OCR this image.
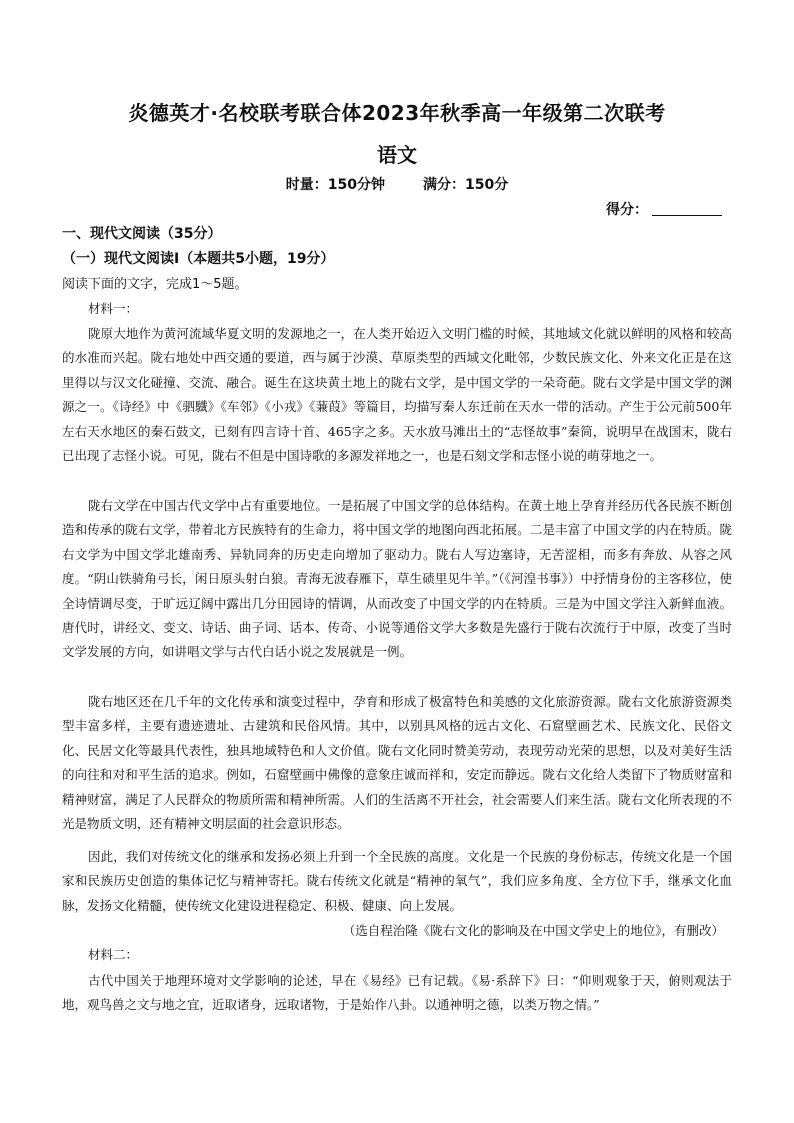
炎德英才·名校联考联合体2023年秋季高一年级第二次联考
语文
时量：150分钟	满分：150分
得分：
一、现代文阅读（35分）
（一）现代文阅读Ⅰ（本题共5小题，19分）
阅读下面的文字，完成1～5题。
材料一：

陇原大地作为黄河流域华夏文明的发源地之一，在人类开始迈入文明门槛的时候，其地域文化就以鲜明的风格和较高的水准而兴起。陇右地处中西交通的要道，西与属于沙漠、草原类型的西域文化毗邻，少数民族文化、外来文化正是在这里得以与汉文化碰撞、交流、融合。诞生在这块黄土地上的陇右文学，是中国文学的一朵奇葩。陇右文学是中国文学的渊源之一。《诗经》中《驷驖》《车邻》《小戎》《蒹葭》等篇目，均描写秦人东迁前在天水一带的活动。产生于公元前500年左右天水地区的秦石鼓文，已刻有四言诗十首、465字之多。天水放马滩出土的“志怪故事”秦简，说明早在战国末，陇右已出现了志怪小说。可见，陇右不但是中国诗歌的多源发祥地之一，也是石刻文学和志怪小说的萌芽地之一。

陇右文学在中国古代文学中占有重要地位。一是拓展了中国文学的总体结构。在黄土地上孕育并经历代各民族不断创造和传承的陇右文学，带着北方民族特有的生命力，将中国文学的地图向西北拓展。二是丰富了中国文学的内在特质。陇右文学为中国文学北雄南秀、异轨同奔的历史走向增加了驱动力。陇右人写边塞诗，无苦涩相，而多有奔放、从容之风度。“阴山铁骑角弓长，闲日原头射白狼。青海无波春雁下，草生碛里见牛羊。”（《河湟书事》）中抒情身份的主客移位，使全诗情调尽变，于旷远辽阔中露出几分田园诗的情调，从而改变了中国文学的内在特质。三是为中国文学注入新鲜血液。唐代时，讲经文、变文、诗话、曲子词、话本、传奇、小说等通俗文学大多数是先盛行于陇右次流行于中原，改变了当时文学发展的方向，如讲唱文学与古代白话小说之发展就是一例。

陇右地区还在几千年的文化传承和演变过程中，孕育和形成了极富特色和美感的文化旅游资源。陇右文化旅游资源类型丰富多样，主要有遗迹遗址、古建筑和民俗风情。其中，以别具风格的远古文化、石窟壁画艺术、民族文化、民俗文化、民居文化等最具代表性，独具地域特色和人文价值。陇右文化同时赞美劳动，表现劳动光荣的思想，以及对美好生活的向往和对和平生活的追求。例如，石窟壁画中佛像的意象庄诚而祥和，安定而静远。陇右文化给人类留下了物质财富和精神财富，满足了人民群众的物质所需和精神所需。人们的生活离不开社会，社会需要人们来生活。陇右文化所表现的不光是物质文明，还有精神文明层面的社会意识形态。

因此，我们对传统文化的继承和发扬必须上升到一个全民族的高度。文化是一个民族的身份标志，传统文化是一个国家和民族历史创造的集体记忆与精神寄托。陇右传统文化就是“精神的氧气”，我们应多角度、全方位下手，继承文化血脉，发扬文化精髓，使传统文化建设进程稳定、积极、健康、向上发展。

（选自程治隆《陇右文化的影响及在中国文学史上的地位》，有删改）
材料二：

古代中国关于地理环境对文学影响的论述，早在《易经》已有记载。《易·系辞下》曰：“仰则观象于天，俯则观法于地，观鸟兽之文与地之宜，近取诸身，远取诸物，于是始作八卦。以通神明之德，以类万物之情。”
